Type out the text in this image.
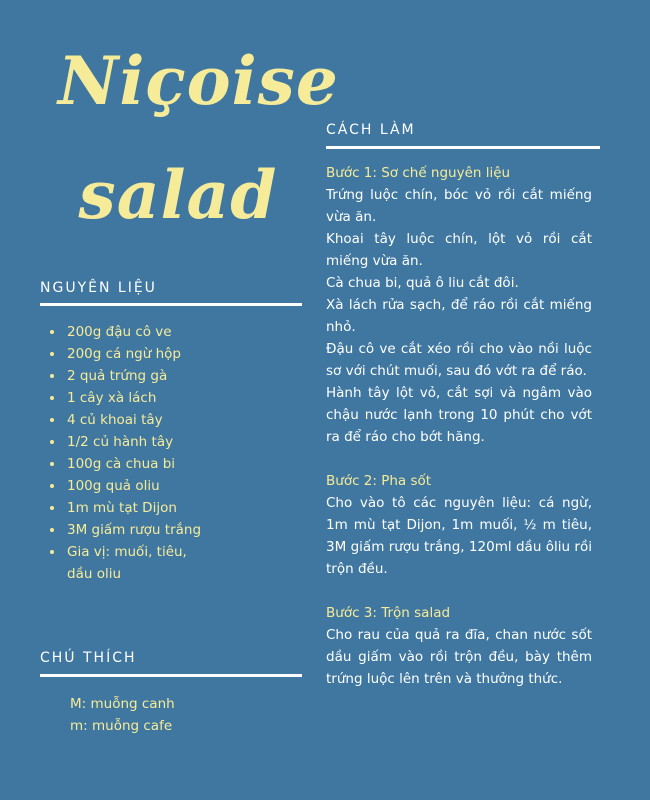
Niçoise
salad
NGUYÊN LIỆU
200g đậu cô ve
200g cá ngừ hộp
2 quả trứng gà
1 cây xà lách
4 củ khoai tây
1/2 củ hành tây
100g cà chua bi
100g quả oliu
1m mù tạt Dijon
3M giấm rượu trắng
Gia vị: muối, tiêu, dầu oliu
CHÚ THÍCH
M: muỗng canh
m: muỗng cafe
CÁCH LÀM
Bước 1: Sơ chế nguyên liệu
Trứng luộc chín, bóc vỏ rồi cắt miếng vừa ăn.
Khoai tây luộc chín, lột vỏ rồi cắt miếng vừa ăn.
Cà chua bi, quả ô liu cắt đôi.
Xà lách rửa sạch, để ráo rồi cắt miếng nhỏ.
Đậu cô ve cắt xéo rồi cho vào nồi luộc sơ với chút muối, sau đó vớt ra để ráo.
Hành tây lột vỏ, cắt sợi và ngâm vào chậu nước lạnh trong 10 phút cho vớt ra để ráo cho bớt hăng.
Bước 2: Pha sốt
Cho vào tô các nguyên liệu: cá ngừ, 1m mù tạt Dijon, 1m muối, ½ m tiêu, 3M giấm rượu trắng, 120ml dầu ôliu rồi trộn đều.
Bước 3: Trộn salad
Cho rau của quả ra đĩa, chan nước sốt dầu giấm vào rồi trộn đều, bày thêm trứng luộc lên trên và thưởng thức.
